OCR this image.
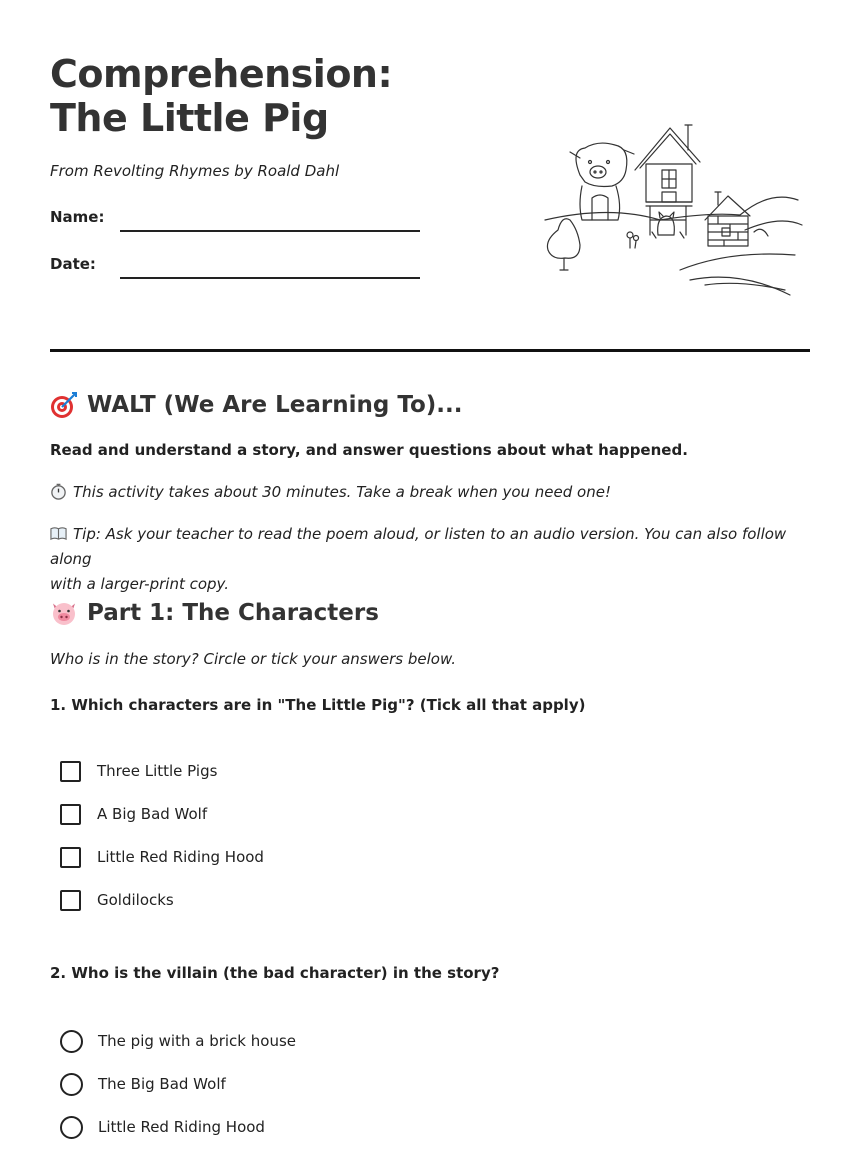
Comprehension: The Little Pig
From Revolting Rhymes by Roald Dahl
Name:
Date:
WALT (We Are Learning To)...
Read and understand a story, and answer questions about what happened.
This activity takes about 30 minutes. Take a break when you need one!
Tip: Ask your teacher to read the poem aloud, or listen to an audio version. You can also follow along
with a larger-print copy.
Part 1: The Characters
Who is in the story? Circle or tick your answers below.
1. Which characters are in "The Little Pig"? (Tick all that apply)
Three Little Pigs
A Big Bad Wolf
Little Red Riding Hood
Goldilocks
2. Who is the villain (the bad character) in the story?
The pig with a brick house
The Big Bad Wolf
Little Red Riding Hood
